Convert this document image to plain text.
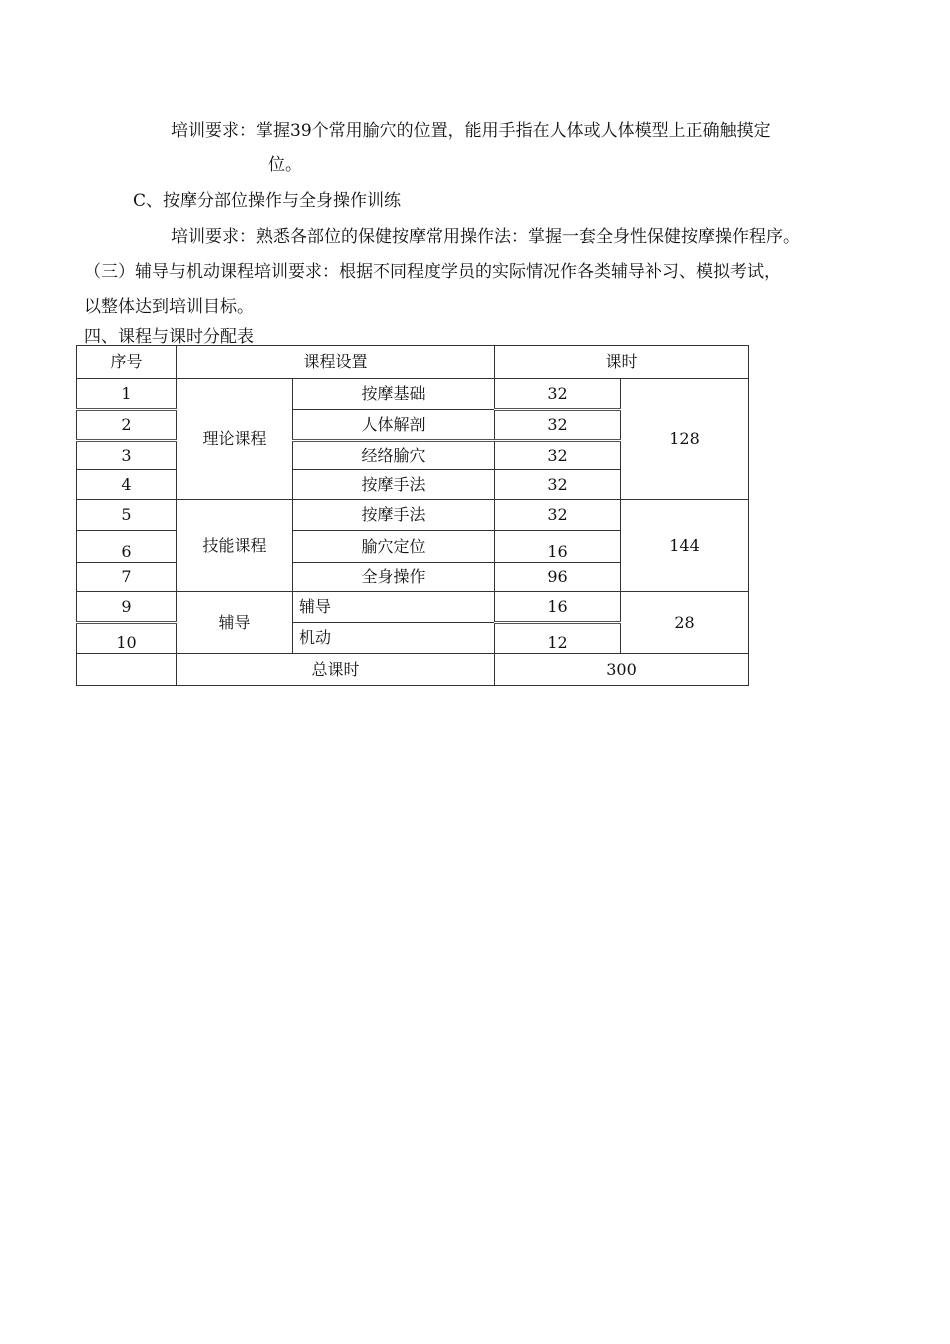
培训要求：掌握39个常用腧穴的位置，能用手指在人体或人体模型上正确触摸定
位。
C、按摩分部位操作与全身操作训练
培训要求：熟悉各部位的保健按摩常用操作法：掌握一套全身性保健按摩操作程序。
（三）辅导与机动课程培训要求：根据不同程度学员的实际情况作各类辅导补习、模拟考试，
以整体达到培训目标。
四、课程与课时分配表
序号	课程设置		课时	
1	理论课程	按摩基础	32	128
2		人体解剖	32	
3		经络腧穴	32	
4		按摩手法	32	
5	技能课程	按摩手法	32	144
6		腧穴定位	16	
7		全身操作	96	
9	辅导	辅导	16	28
10		机动	12	
	总课时		300	
